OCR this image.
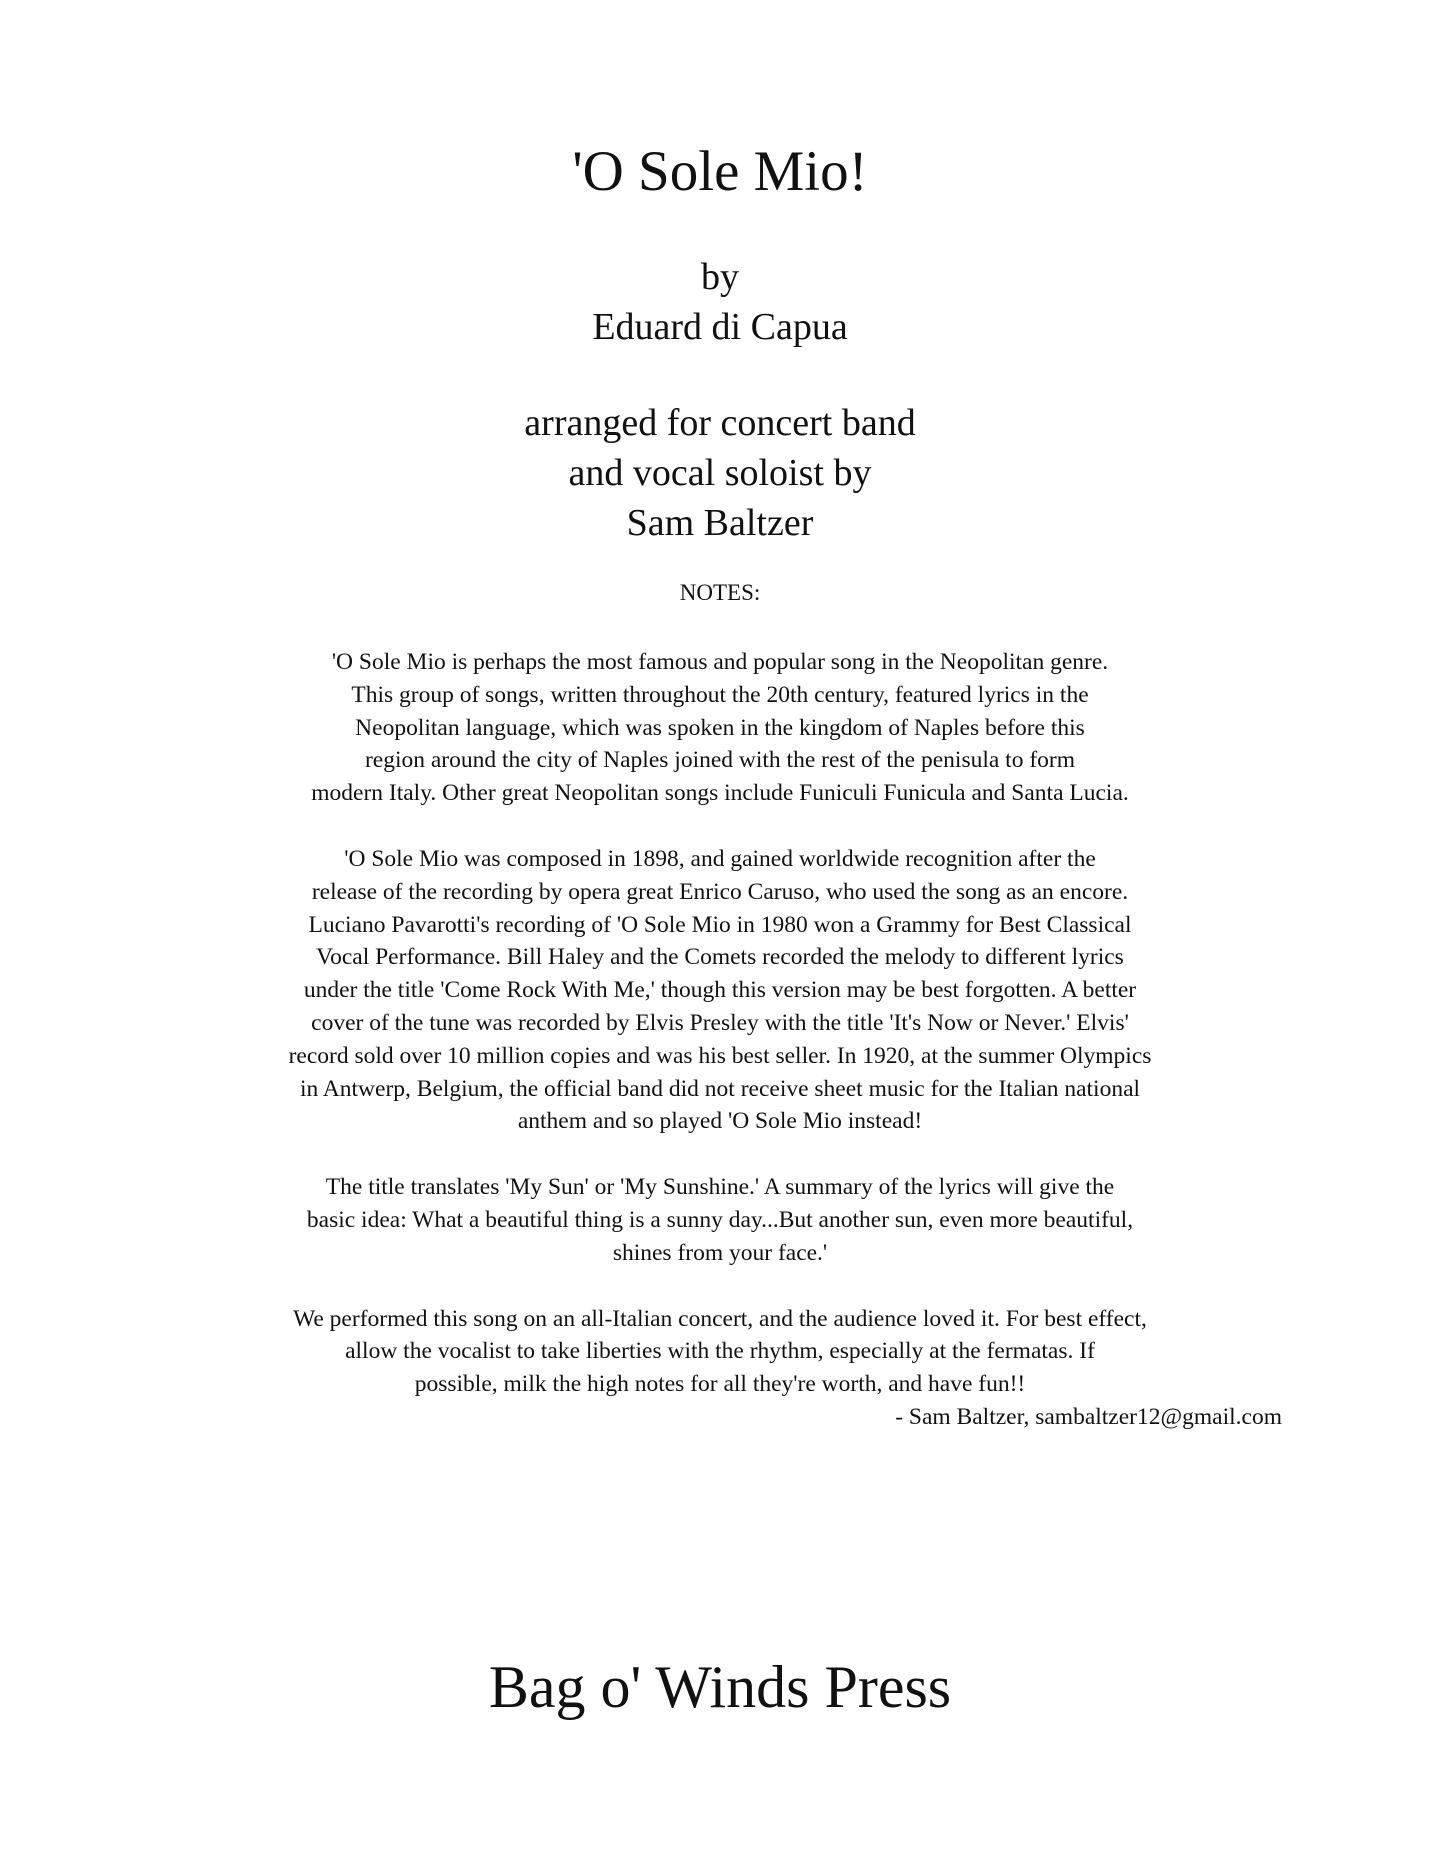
'O Sole Mio!
by
Eduard di Capua
arranged for concert band
and vocal soloist by
Sam Baltzer
NOTES:

'O Sole Mio is perhaps the most famous and popular song in the Neopolitan genre.
This group of songs, written throughout the 20th century, featured lyrics in the
Neopolitan language, which was spoken in the kingdom of Naples before this
region around the city of Naples joined with the rest of the penisula to form
modern Italy. Other great Neopolitan songs include Funiculi Funicula and Santa Lucia.

'O Sole Mio was composed in 1898, and gained worldwide recognition after the
release of the recording by opera great Enrico Caruso, who used the song as an encore.
Luciano Pavarotti's recording of 'O Sole Mio in 1980 won a Grammy for Best Classical
Vocal Performance. Bill Haley and the Comets recorded the melody to different lyrics
under the title 'Come Rock With Me,' though this version may be best forgotten. A better
cover of the tune was recorded by Elvis Presley with the title 'It's Now or Never.' Elvis'
record sold over 10 million copies and was his best seller. In 1920, at the summer Olympics
in Antwerp, Belgium, the official band did not receive sheet music for the Italian national
anthem and so played 'O Sole Mio instead!

The title translates 'My Sun' or 'My Sunshine.' A summary of the lyrics will give the
basic idea: What a beautiful thing is a sunny day...But another sun, even more beautiful,
shines from your face.'

We performed this song on an all-Italian concert, and the audience loved it. For best effect,
allow the vocalist to take liberties with the rhythm, especially at the fermatas. If
possible, milk the high notes for all they're worth, and have fun!!
- Sam Baltzer, sambaltzer12@gmail.com

Bag o' Winds Press
